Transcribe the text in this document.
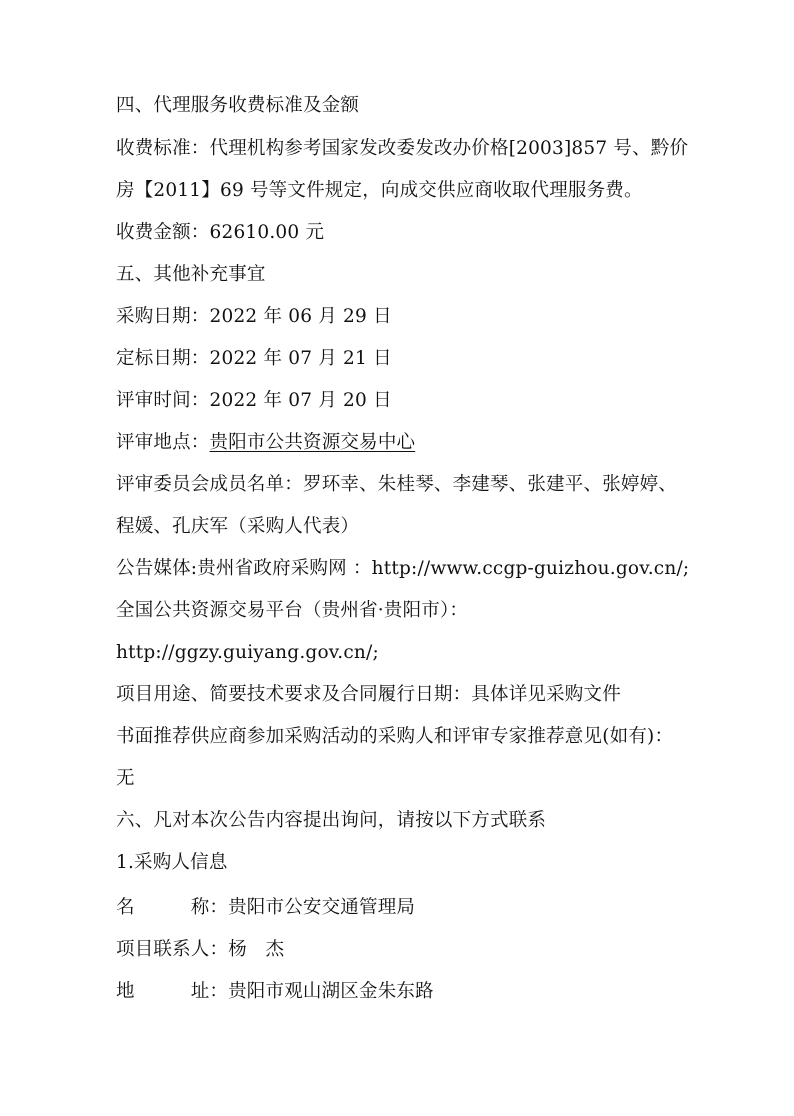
四、代理服务收费标准及金额
收费标准：代理机构参考国家发改委发改办价格[2003]857 号、黔价
房【2011】69 号等文件规定，向成交供应商收取代理服务费。
收费金额：62610.00 元
五、其他补充事宜
采购日期：2022 年 06 月 29 日
定标日期：2022 年 07 月 21 日
评审时间：2022 年 07 月 20 日
评审地点：贵阳市公共资源交易中心
评审委员会成员名单：罗环幸、朱桂琴、李建琴、张建平、张婷婷、
程媛、孔庆军（采购人代表）
公告媒体:贵州省政府采购网 ：http://www.ccgp-guizhou.gov.cn/;
全国公共资源交易平台（贵州省·贵阳市）：
http://ggzy.guiyang.gov.cn/;
项目用途、简要技术要求及合同履行日期：具体详见采购文件
书面推荐供应商参加采购活动的采购人和评审专家推荐意见(如有)：
无
六、凡对本次公告内容提出询问，请按以下方式联系
1.采购人信息
名	称：贵阳市公安交通管理局
项目联系人：杨　杰
地	址：贵阳市观山湖区金朱东路
